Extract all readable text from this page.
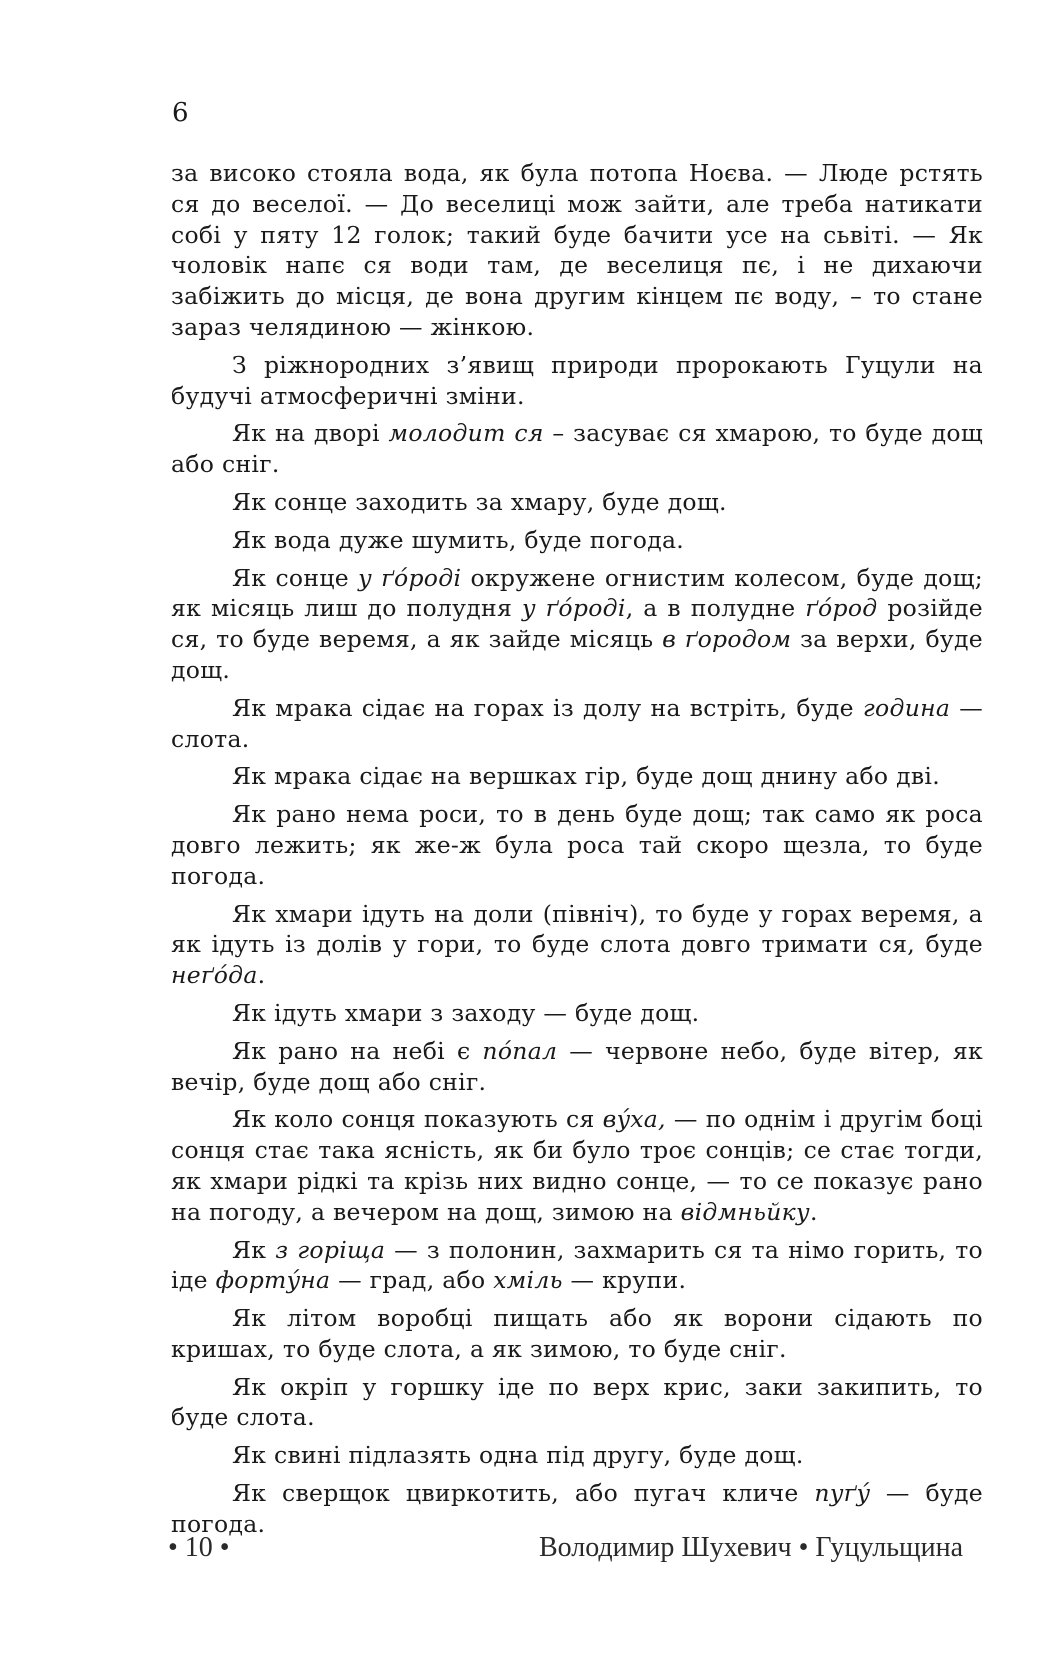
6

за високо стояла вода, як була потопа Ноєва. — Люде рстять ся до веселої. — До веселиці мож зайти, але треба натикати собі у пяту 12 голок; такий буде бачити усе на сьвіті. — Як чоловік напє ся води там, де веселиця пє, і не дихаючи забіжить до місця, де вона другим кінцем пє воду, – то стане зараз челядиною — жінкою.

З ріжнородних з’явищ природи пророкають Гуцули на будучі атмосферичні зміни.

Як на дворі молодит ся – засуває ся хмарою, то буде дощ або сніг.

Як сонце заходить за хмару, буде дощ.

Як вода дуже шумить, буде погода.

Як сонце у ґóроді окружене огнистим колесом, буде дощ; як місяць лиш до полудня у ґóроді, а в полудне ґóрод розійде ся, то буде веремя, а як зайде місяць в ґородом за верхи, буде дощ.

Як мрака сідає на горах із долу на встріть, буде година — слота.

Як мрака сідає на вершках гір, буде дощ днину або дві.

Як рано нема роси, то в день буде дощ; так само як роса довго лежить; як же-ж була роса тай скоро щезла, то буде погода.

Як хмари ідуть на доли (північ), то буде у горах веремя, а як ідуть із долів у гори, то буде слота довго тримати ся, буде неґóда.

Як ідуть хмари з заходу — буде дощ.

Як рано на небі є пóпал — червоне небо, буде вітер, як вечір, буде дощ або сніг.

Як коло сонця показують ся вýха, — по однім і другім боці сонця стає така ясність, як би було троє сонців; се стає тогди, як хмари рідкі та крізь них видно сонце, — то се показує рано на погоду, а вечером на дощ, зимою на відмньйку.

Як з горіща — з полонин, захмарить ся та німо горить, то іде фортýна — град, або хміль — крупи.

Як літом воробці пищать або як ворони сідають по кришах, то буде слота, а як зимою, то буде сніг.

Як окріп у горшку іде по верх крис, заки закипить, то буде слота.

Як свині підлазять одна під другу, буде дощ.

Як сверщок цвиркотить, або пугач кличе пуґý — буде погода.

• 10 •	Володимир Шухевич • Гуцульщина
